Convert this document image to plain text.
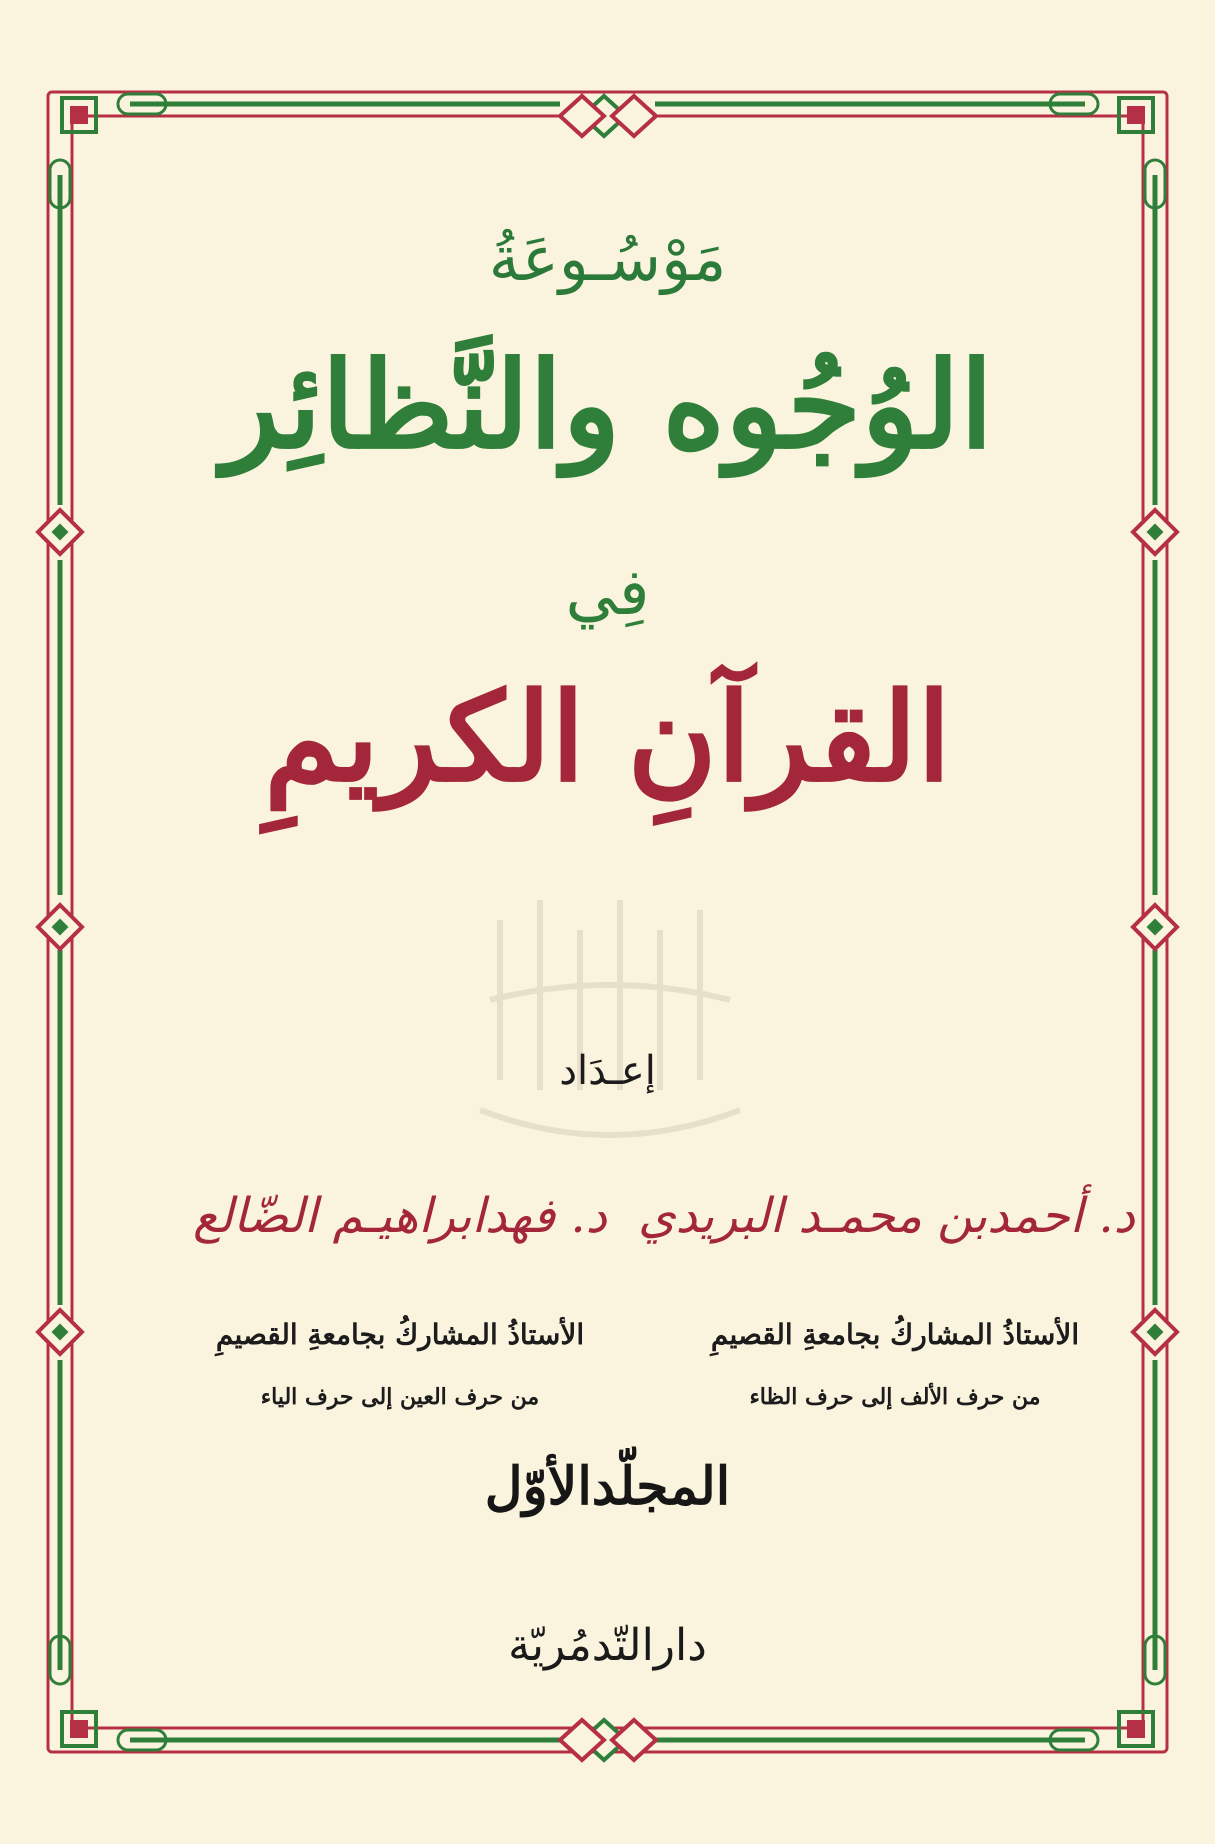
مَوْسُـوعَةُ
الوُجُوه والنَّظائِر
فِي
القرآنِ الكريمِ
إعـدَاد
د. أحمدبن محمـد البريدي
الأستاذُ المشاركُ بجامعةِ القصيمِ
من حرف الألف إلى حرف الظاء
د. فهدابراهيـم الضّالع
الأستاذُ المشاركُ بجامعةِ القصيمِ
من حرف العين إلى حرف الياء
المجلّدالأوّل
دارالتّدمُريّة
